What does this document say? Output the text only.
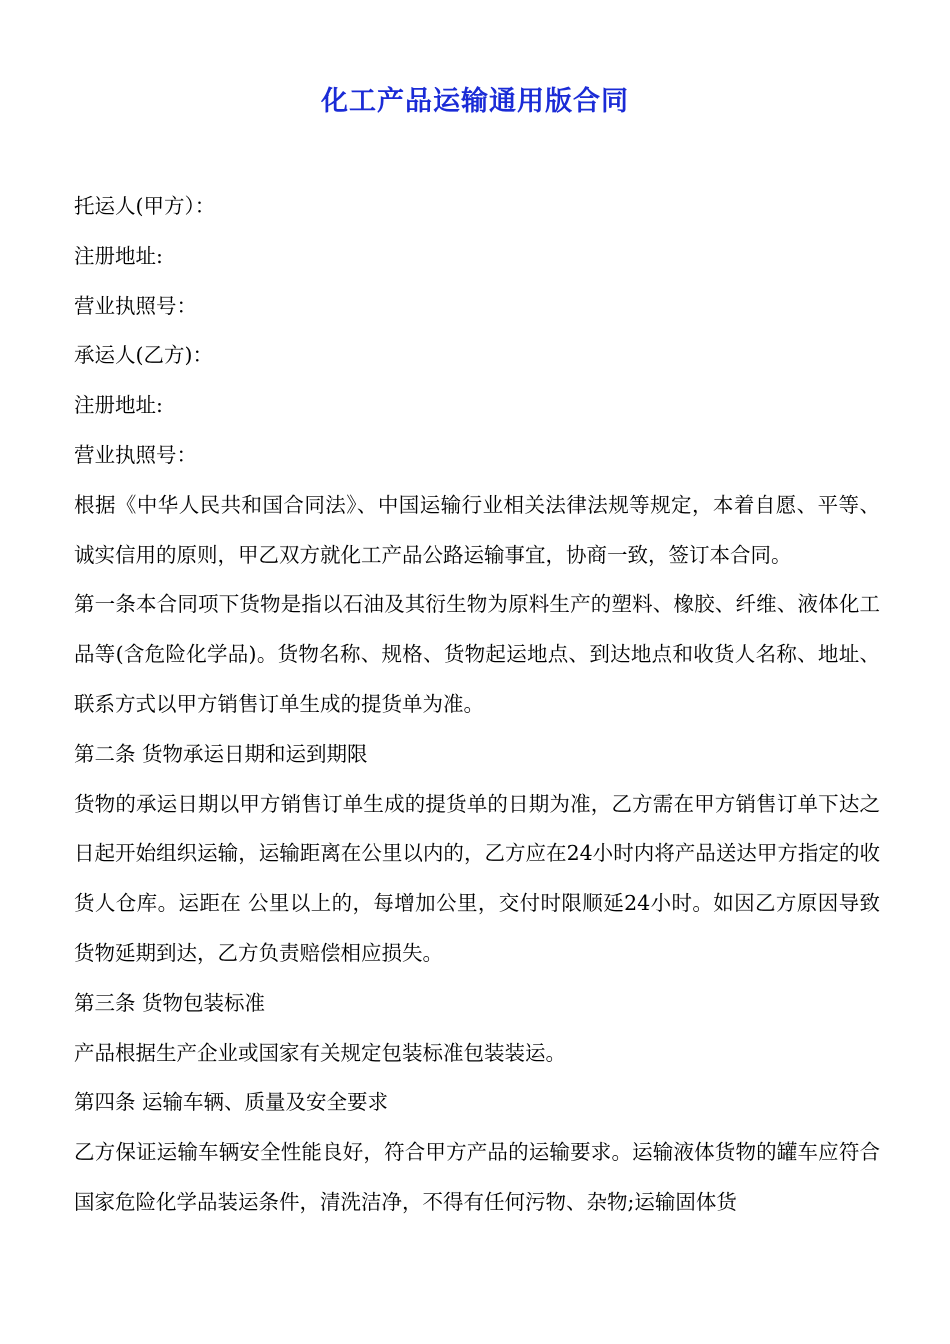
化工产品运输通用版合同

托运人(甲方）：

注册地址:

营业执照号：

承运人(乙方)：

注册地址:

营业执照号：

根据《中华人民共和国合同法》、中国运输行业相关法律法规等规定，本着自愿、平等、诚实信用的原则，甲乙双方就化工产品公路运输事宜，协商一致，签订本合同。

第一条本合同项下货物是指以石油及其衍生物为原料生产的塑料、橡胶、纤维、液体化工品等(含危险化学品)。货物名称、规格、货物起运地点、到达地点和收货人名称、地址、联系方式以甲方销售订单生成的提货单为准。

第二条 货物承运日期和运到期限

货物的承运日期以甲方销售订单生成的提货单的日期为准，乙方需在甲方销售订单下达之日起开始组织运输，运输距离在公里以内的，乙方应在24小时内将产品送达甲方指定的收货人仓库。运距在 公里以上的，每增加公里，交付时限顺延24小时。如因乙方原因导致货物延期到达，乙方负责赔偿相应损失。

第三条 货物包装标准

产品根据生产企业或国家有关规定包装标准包装装运。

第四条 运输车辆、质量及安全要求

乙方保证运输车辆安全性能良好，符合甲方产品的运输要求。运输液体货物的罐车应符合国家危险化学品装运条件，清洗洁净，不得有任何污物、杂物;运输固体货
